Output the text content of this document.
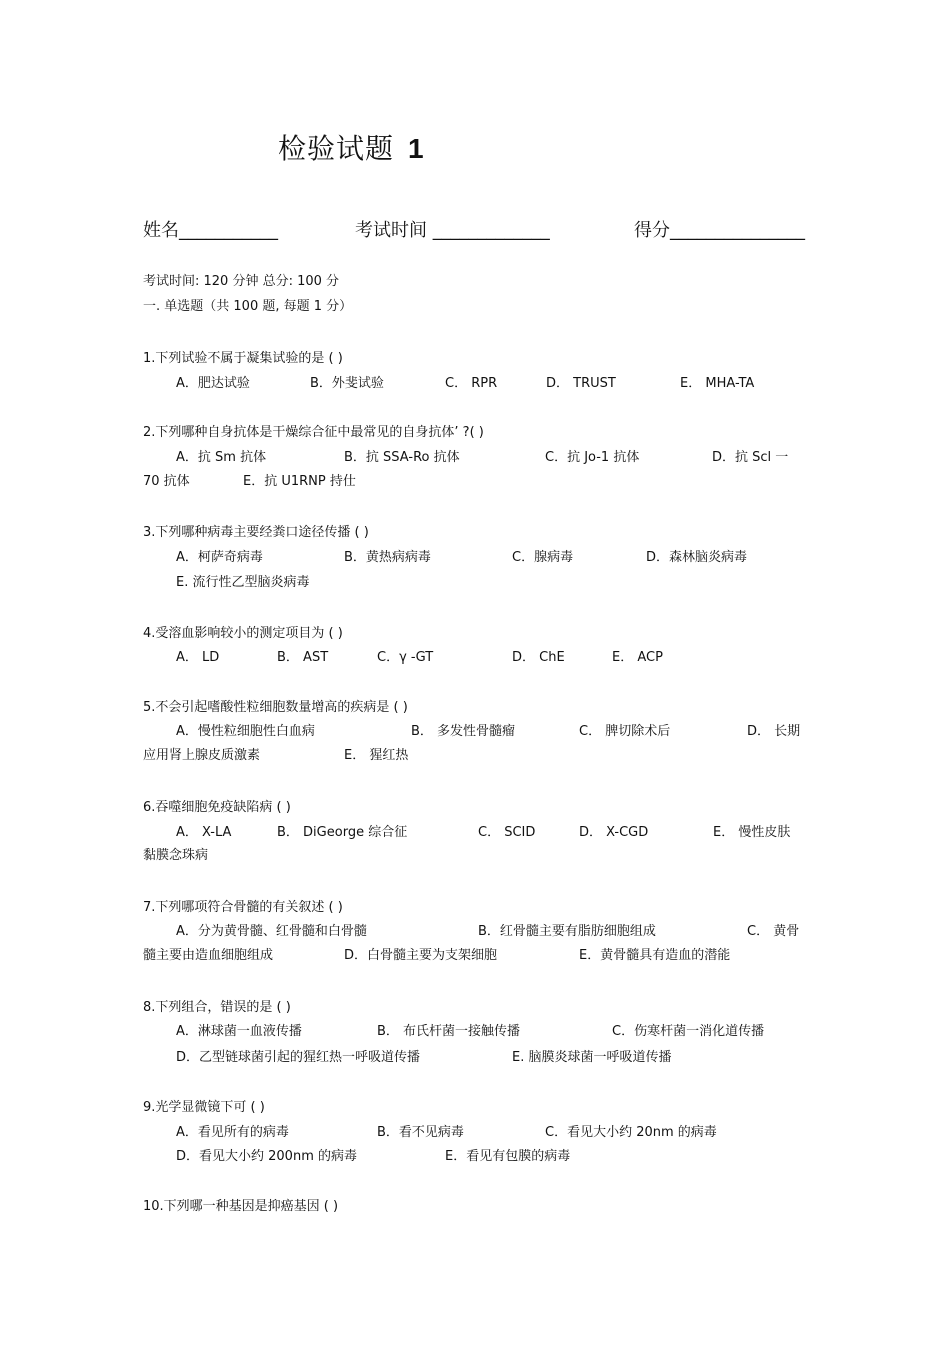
检验试题 1
姓名___________	考试时间 _____________	得分_______________
考试时间: 120 分钟 总分: 100 分
一. 单选题（共 100 题, 每题 1 分）
1.下列试验不属于凝集试验的是 ( )
A．肥达试验	B．外斐试验	C． RPR	D． TRUST	E． MHA-TA
2.下列哪种自身抗体是干燥综合征中最常见的自身抗体’ ?( )
A．抗 Sm 抗体	B．抗 SSA-Ro 抗体	C．抗 Jo-1 抗体	D．抗 Scl 一
70 抗体	E．抗 U1RNP 持仕
3.下列哪种病毒主要经粪口途径传播 ( )
A．柯萨奇病毒	B．黄热病病毒	C．腺病毒	D．森林脑炎病毒
E. 流行性乙型脑炎病毒
4.受溶血影响较小的测定项目为 ( )
A． LD	B． AST	C．γ -GT	D． ChE	E． ACP
5.不会引起嗜酸性粒细胞数量增高的疾病是 ( )
A．慢性粒细胞性白血病	B． 多发性骨髓瘤	C． 脾切除术后	D． 长期
应用肾上腺皮质激素	E． 猩红热
6.吞噬细胞免疫缺陷病 ( )
A． X-LA	B． DiGeorge 综合征	C． SCID	D． X-CGD	E． 慢性皮肤
黏膜念珠病
7.下列哪项符合骨髓的有关叙述 ( )
A．分为黄骨髓、红骨髓和白骨髓	B．红骨髓主要有脂肪细胞组成	C． 黄骨
髓主要由造血细胞组成	D．白骨髓主要为支架细胞	E．黄骨髓具有造血的潜能
8.下列组合，错误的是 ( )
A．淋球菌一血液传播	B． 布氏杆菌一接触传播	C．伤寒杆菌一消化道传播
D．乙型链球菌引起的猩红热一呼吸道传播	E. 脑膜炎球菌一呼吸道传播
9.光学显微镜下可 ( )
A．看见所有的病毒	B．看不见病毒	C．看见大小约 20nm 的病毒
D．看见大小约 200nm 的病毒	E．看见有包膜的病毒
10.下列哪一种基因是抑癌基因 ( )
